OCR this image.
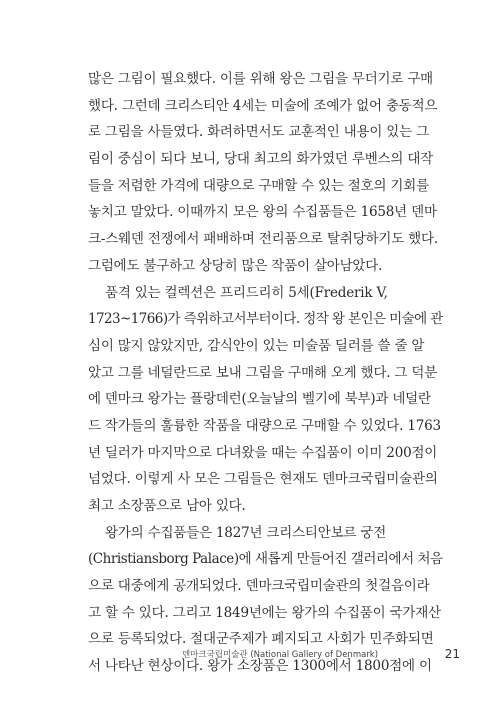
많은 그림이 필요했다. 이를 위해 왕은 그림을 무더기로 구매
했다. 그런데 크리스티안 4세는 미술에 조예가 없어 충동적으
로 그림을 사들였다. 화려하면서도 교훈적인 내용이 있는 그
림이 중심이 되다 보니, 당대 최고의 화가였던 루벤스의 대작
들을 저렴한 가격에 대량으로 구매할 수 있는 절호의 기회를
놓치고 말았다. 이때까지 모은 왕의 수집품들은 1658년 덴마
크-스웨덴 전쟁에서 패배하며 전리품으로 탈취당하기도 했다.
그럼에도 불구하고 상당히 많은 작품이 살아남았다.
품격 있는 컬렉션은 프리드리히 5세(Frederik V,
1723~1766)가 즉위하고서부터이다. 정작 왕 본인은 미술에 관
심이 많지 않았지만, 감식안이 있는 미술품 딜러를 쓸 줄 알
았고 그를 네덜란드로 보내 그림을 구매해 오게 했다. 그 덕분
에 덴마크 왕가는 플랑데런(오늘날의 벨기에 북부)과 네덜란
드 작가들의 훌륭한 작품을 대량으로 구매할 수 있었다. 1763
년 딜러가 마지막으로 다녀왔을 때는 수집품이 이미 200점이
넘었다. 이렇게 사 모은 그림들은 현재도 덴마크국립미술관의
최고 소장품으로 남아 있다.
왕가의 수집품들은 1827년 크리스티안보르 궁전
(Christiansborg Palace)에 새롭게 만들어진 갤러리에서 처음
으로 대중에게 공개되었다. 덴마크국립미술관의 첫걸음이라
고 할 수 있다. 그리고 1849년에는 왕가의 수집품이 국가재산
으로 등록되었다. 절대군주제가 폐지되고 사회가 민주화되면
서 나타난 현상이다. 왕가 소장품은 1300에서 1800점에 이
덴마크국립미술관 (National Gallery of Denmark)	21
